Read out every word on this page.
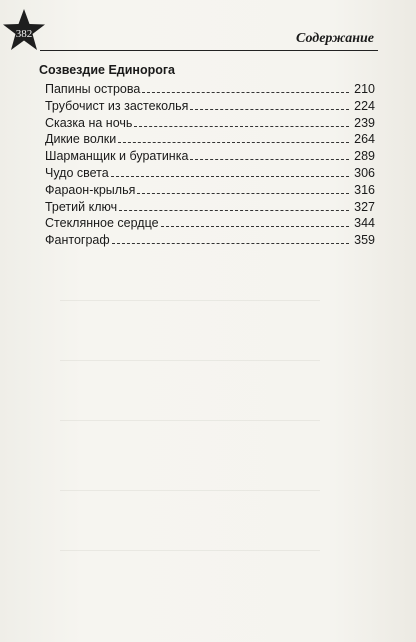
382	Содержание
Созвездие Единорога
Папины острова	210
Трубочист из застеколья	224
Сказка на ночь	239
Дикие волки	264
Шарманщик и буратинка	289
Чудо света	306
Фараон-крылья	316
Третий ключ	327
Стеклянное сердце	344
Фантограф	359
